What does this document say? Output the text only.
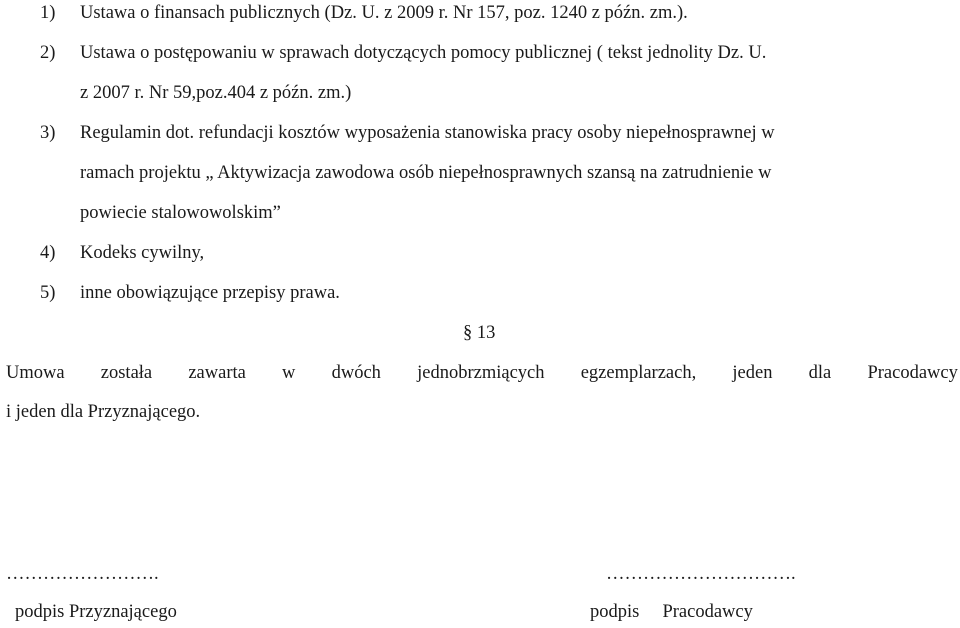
1) Ustawa o finansach publicznych (Dz. U. z 2009 r. Nr 157, poz. 1240 z późn. zm.).
2) Ustawa o postępowaniu w sprawach dotyczących pomocy publicznej ( tekst jednolity Dz. U.
z 2007 r. Nr 59,poz.404 z późn. zm.)
3) Regulamin dot. refundacji kosztów wyposażenia stanowiska pracy osoby niepełnosprawnej w
ramach projektu „ Aktywizacja zawodowa osób niepełnosprawnych szansą na zatrudnienie w
powiecie stalowowolskim”
4) Kodeks cywilny,
5) inne obowiązujące przepisy prawa.
§ 13
Umowa została zawarta w dwóch jednobrzmiących egzemplarzach, jeden dla Pracodawcy
i jeden dla Przyznającego.
…………………….
podpis Przyznającego
………………………….
podpis     Pracodawcy
